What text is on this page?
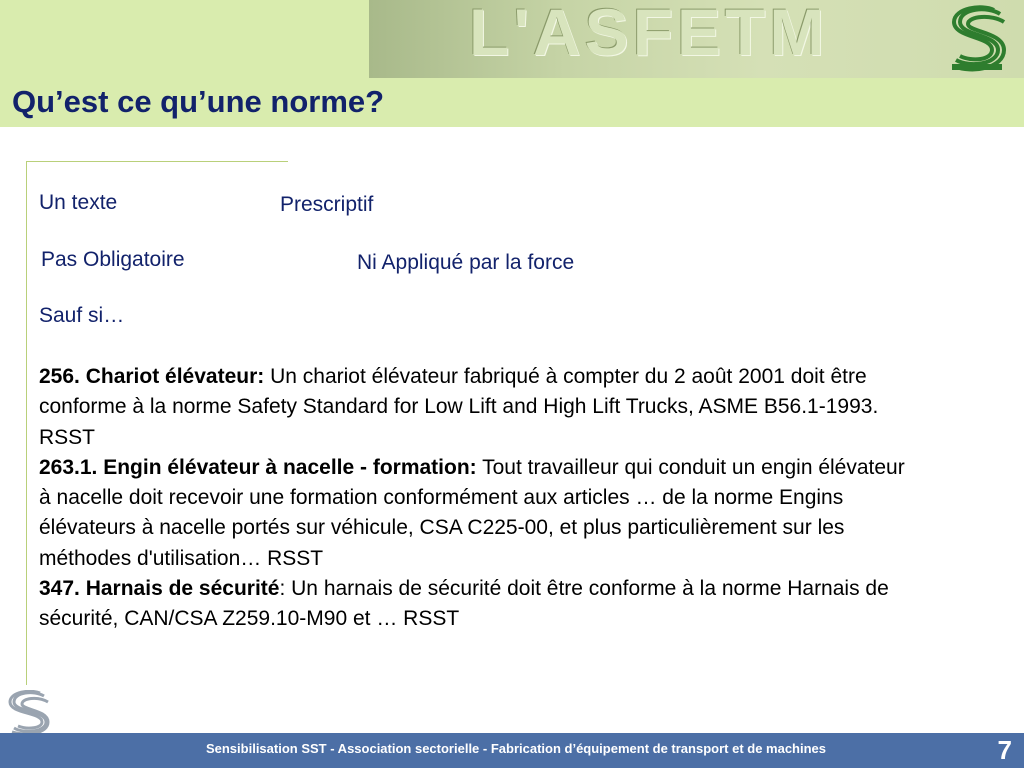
L'ASFETM
Qu’est ce qu’une norme?
Un texte	Prescriptif
Pas Obligatoire	Ni Appliqué par la force
Sauf si…

256. Chariot élévateur: Un chariot élévateur fabriqué à compter du 2 août 2001 doit être conforme à la norme Safety Standard for Low Lift and High Lift Trucks, ASME B56.1-1993. RSST

263.1. Engin élévateur à nacelle - formation: Tout travailleur qui conduit un engin élévateur à nacelle doit recevoir une formation conformément aux articles … de la norme Engins élévateurs à nacelle portés sur véhicule, CSA C225-00, et plus particulièrement sur les méthodes d'utilisation… RSST

347. Harnais de sécurité: Un harnais de sécurité doit être conforme à la norme Harnais de sécurité, CAN/CSA Z259.10-M90 et … RSST

Sensibilisation SST - Association sectorielle - Fabrication d’équipement de transport et de machines	7
